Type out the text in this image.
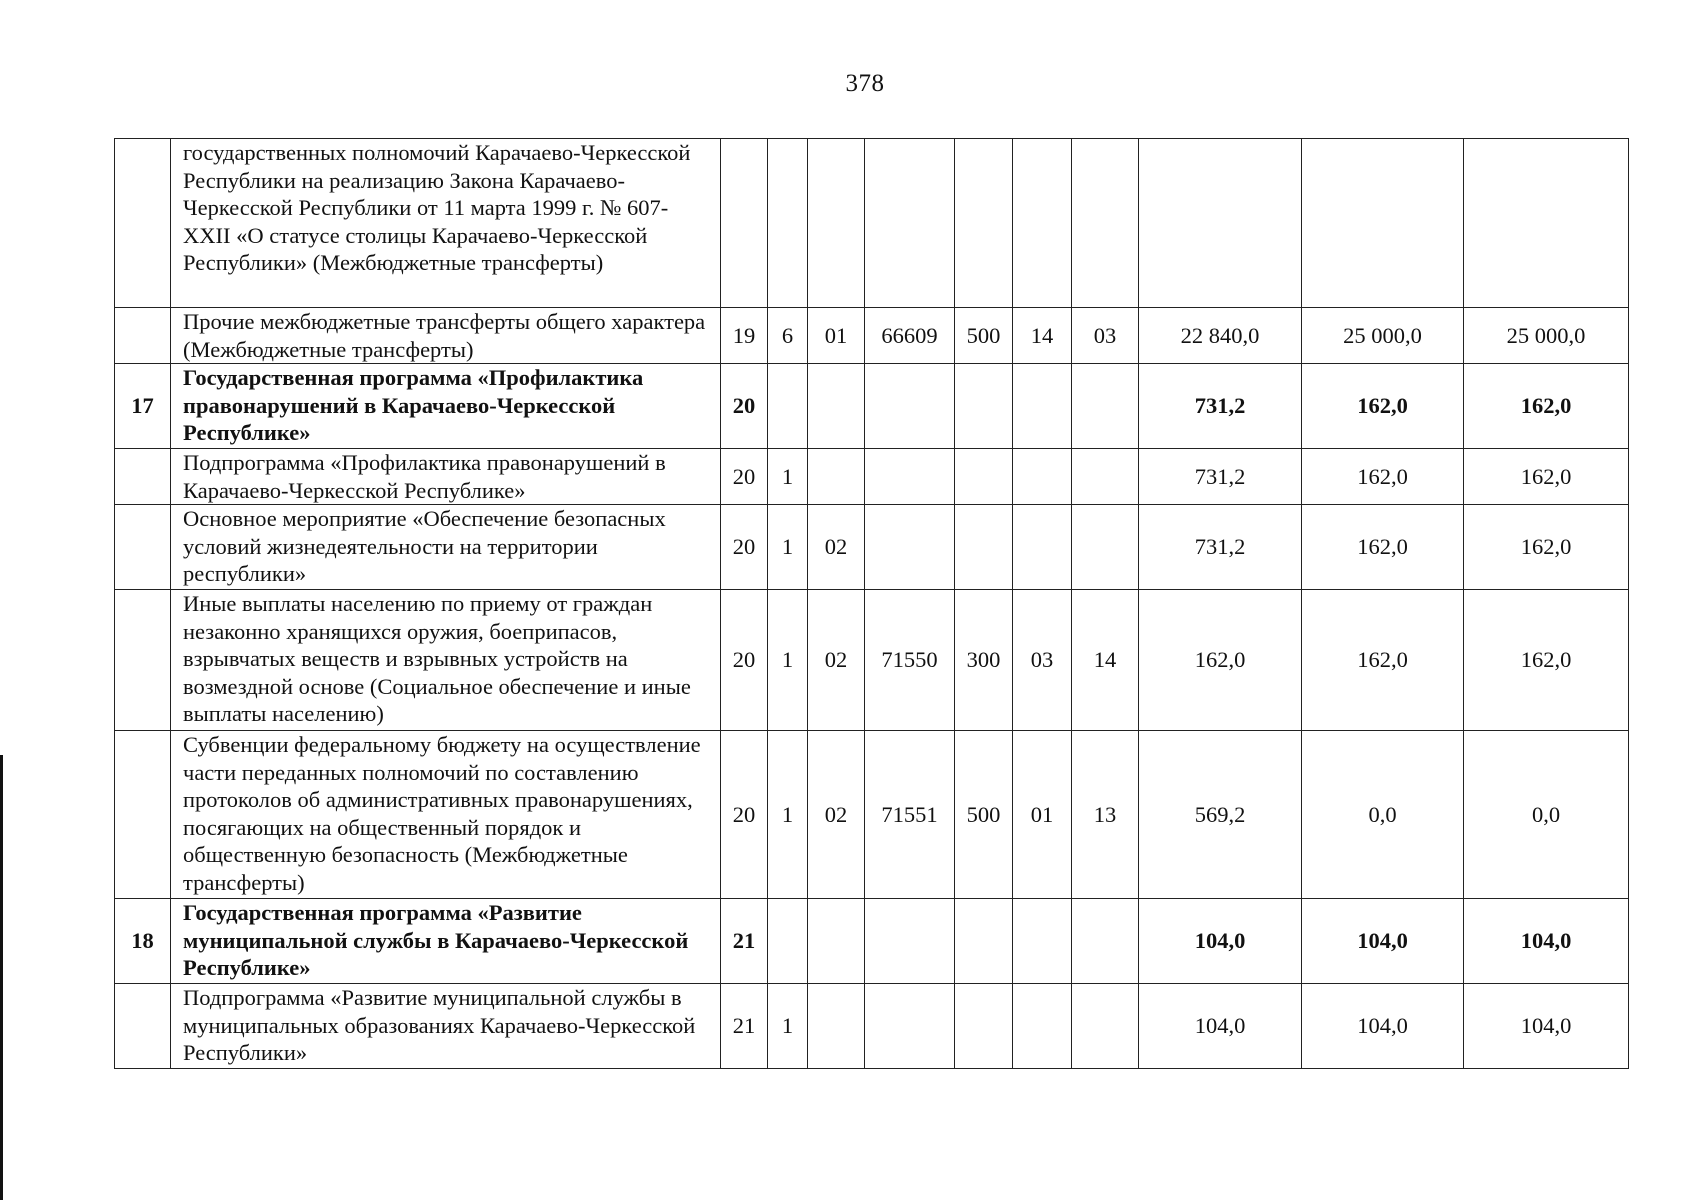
378
	государственных полномочий Карачаево-Черкесской Республики на реализацию Закона Карачаево-Черкесской Республики от 11 марта 1999 г. № 607-XXII «О статусе столицы Карачаево-Черкесской Республики» (Межбюджетные трансферты)										
	Прочие межбюджетные трансферты общего характера (Межбюджетные трансферты)	19	6	01	66609	500	14	03	22 840,0	25 000,0	25 000,0
17	Государственная программа «Профилактика правонарушений в Карачаево-Черкесской Республике»	20							731,2	162,0	162,0
	Подпрограмма «Профилактика правонарушений в Карачаево-Черкесской Республике»	20	1						731,2	162,0	162,0
	Основное мероприятие «Обеспечение безопасных условий жизнедеятельности на территории республики»	20	1	02					731,2	162,0	162,0
	Иные выплаты населению по приему от граждан незаконно хранящихся оружия, боеприпасов, взрывчатых веществ и взрывных устройств на возмездной основе (Социальное обеспечение и иные выплаты населению)	20	1	02	71550	300	03	14	162,0	162,0	162,0
	Субвенции федеральному бюджету на осуществление части переданных полномочий по составлению протоколов об административных правонарушениях, посягающих на общественный порядок и общественную безопасность (Межбюджетные трансферты)	20	1	02	71551	500	01	13	569,2	0,0	0,0
18	Государственная программа «Развитие муниципальной службы в Карачаево-Черкесской Республике»	21							104,0	104,0	104,0
	Подпрограмма «Развитие муниципальной службы в муниципальных образованиях Карачаево-Черкесской Республики»	21	1						104,0	104,0	104,0
